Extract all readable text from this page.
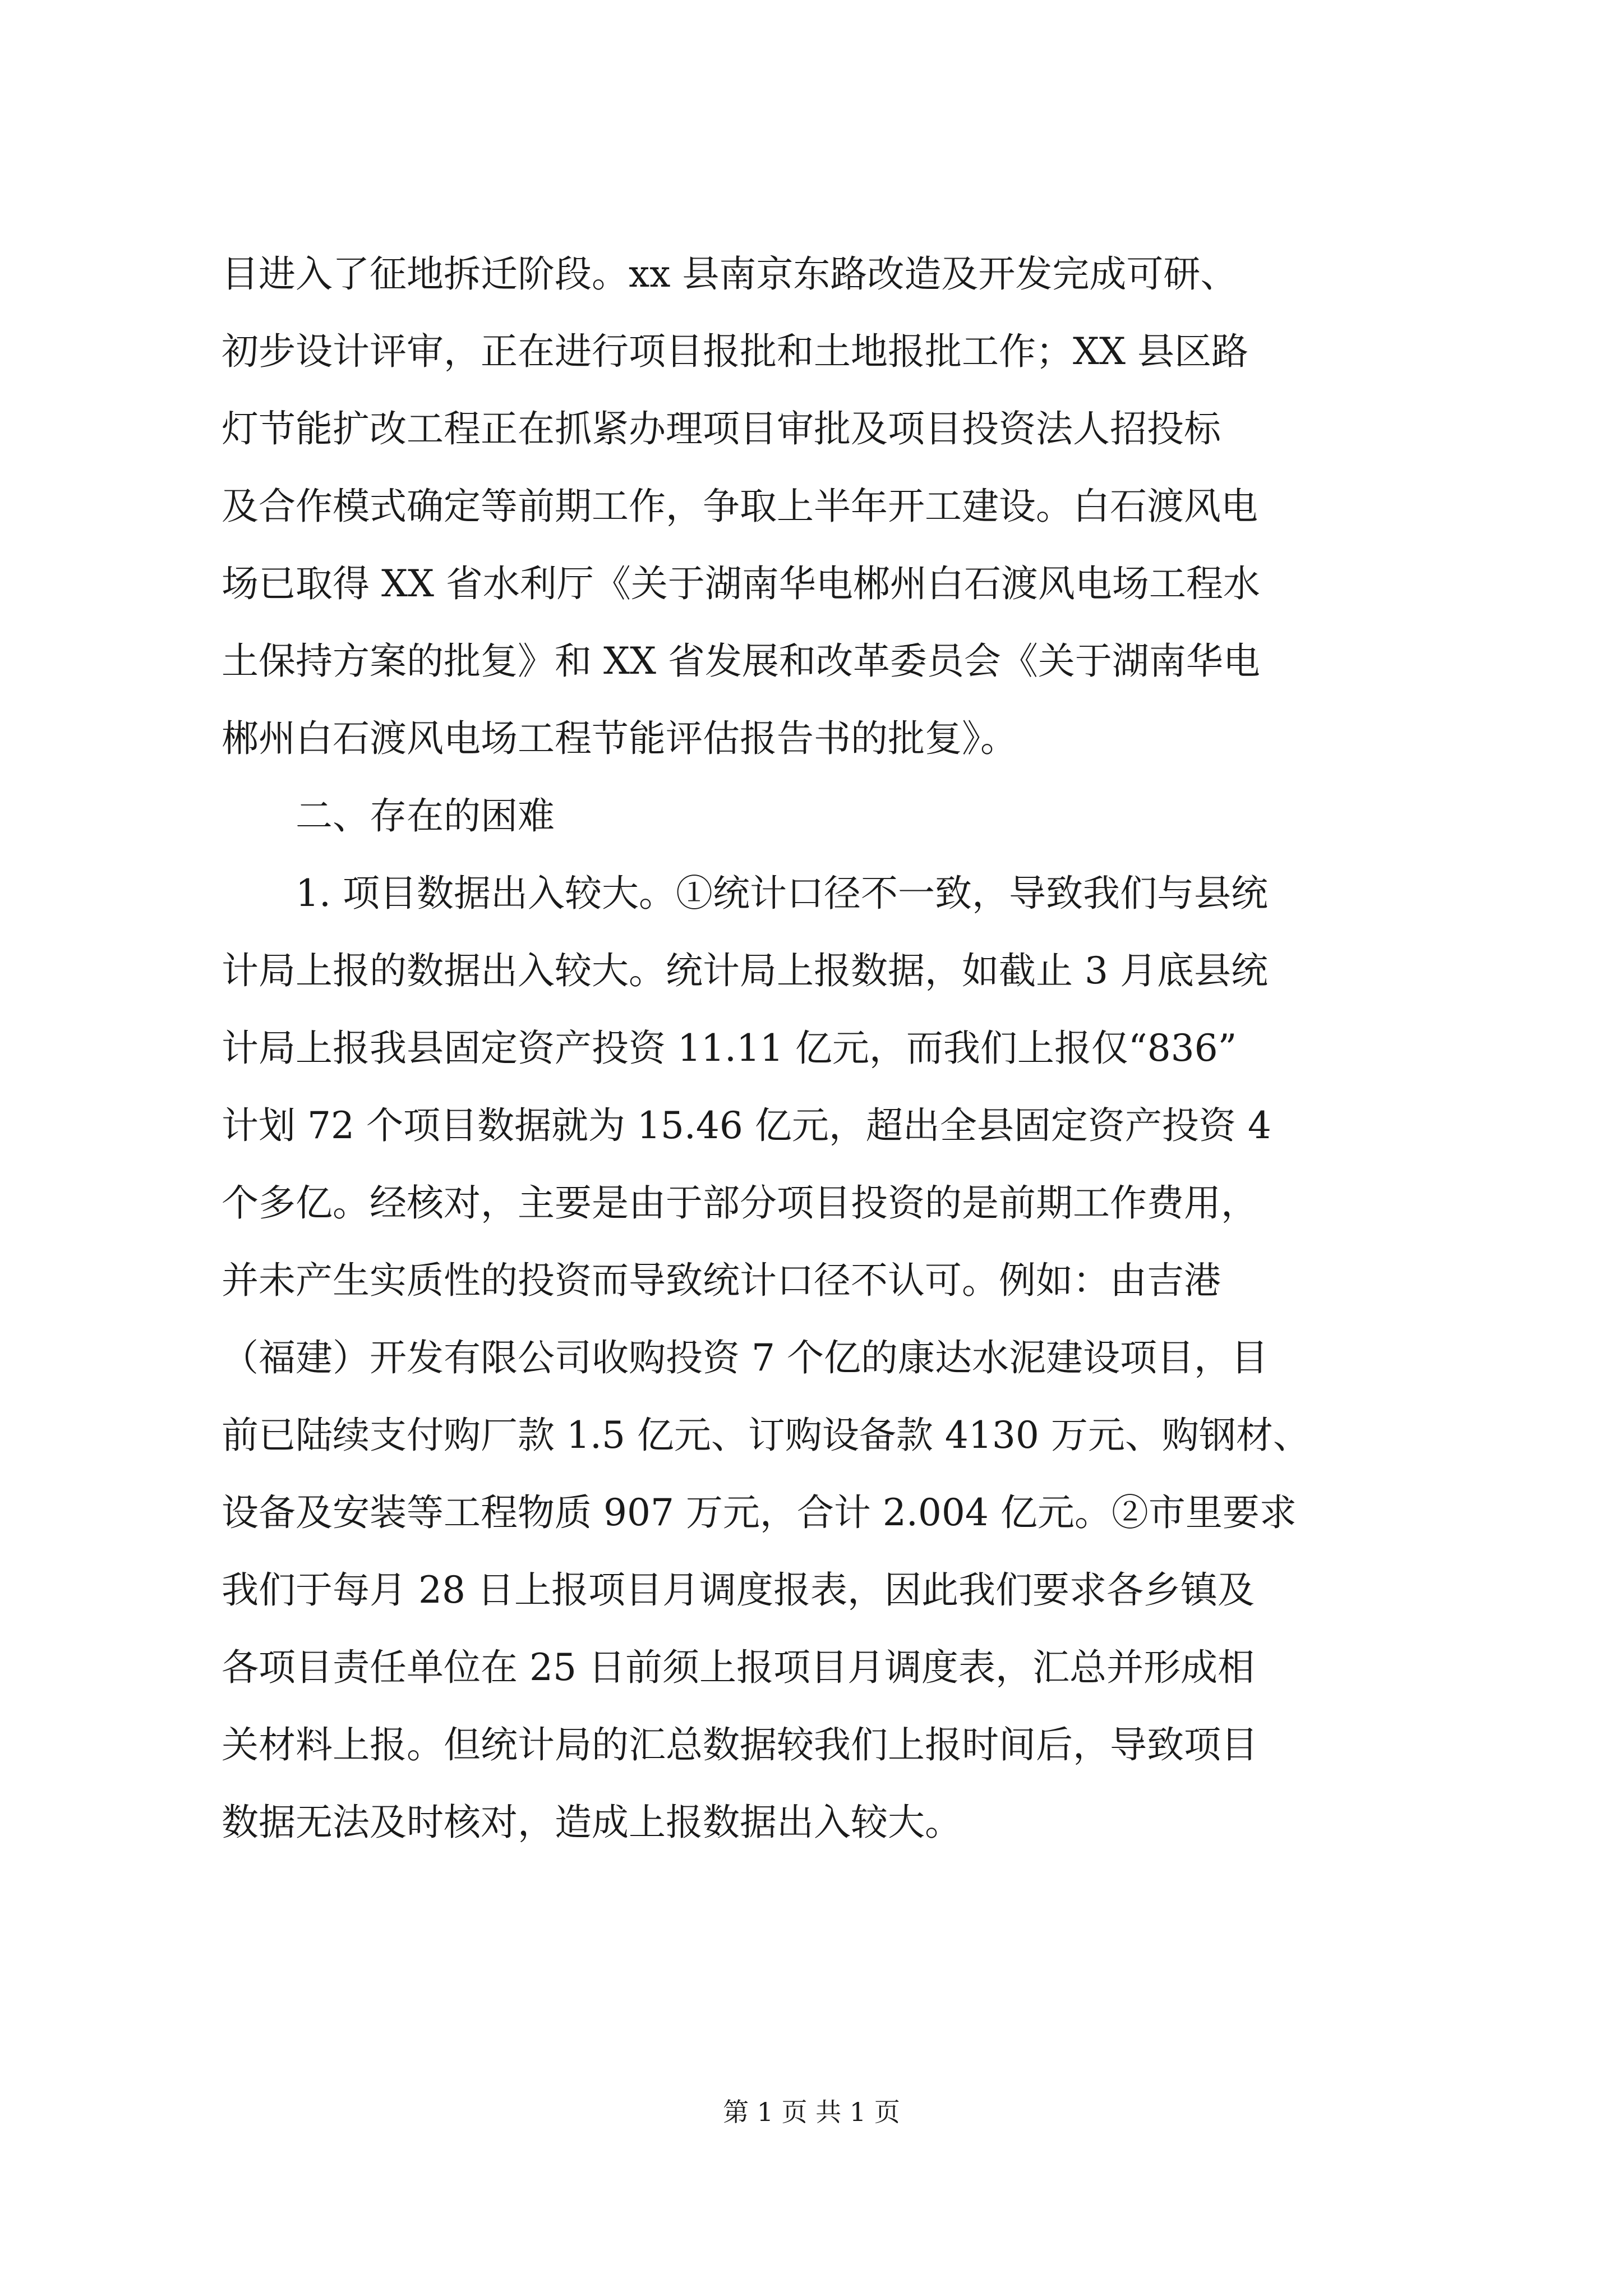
目进入了征地拆迁阶段。xx 县南京东路改造及开发完成可研、
初步设计评审，正在进行项目报批和土地报批工作；XX 县区路
灯节能扩改工程正在抓紧办理项目审批及项目投资法人招投标
及合作模式确定等前期工作，争取上半年开工建设。白石渡风电
场已取得 XX 省水利厅《关于湖南华电郴州白石渡风电场工程水
土保持方案的批复》和 XX 省发展和改革委员会《关于湖南华电
郴州白石渡风电场工程节能评估报告书的批复》。
　　二、存在的困难
　　1. 项目数据出入较大。①统计口径不一致，导致我们与县统
计局上报的数据出入较大。统计局上报数据，如截止 3 月底县统
计局上报我县固定资产投资 11.11 亿元，而我们上报仅“836”
计划 72 个项目数据就为 15.46 亿元，超出全县固定资产投资 4
个多亿。经核对，主要是由于部分项目投资的是前期工作费用，
并未产生实质性的投资而导致统计口径不认可。例如：由吉港
（福建）开发有限公司收购投资 7 个亿的康达水泥建设项目，目
前已陆续支付购厂款 1.5 亿元、订购设备款 4130 万元、购钢材、
设备及安装等工程物质 907 万元，合计 2.004 亿元。②市里要求
我们于每月 28 日上报项目月调度报表，因此我们要求各乡镇及
各项目责任单位在 25 日前须上报项目月调度表，汇总并形成相
关材料上报。但统计局的汇总数据较我们上报时间后，导致项目
数据无法及时核对，造成上报数据出入较大。
第 1 页 共 1 页
